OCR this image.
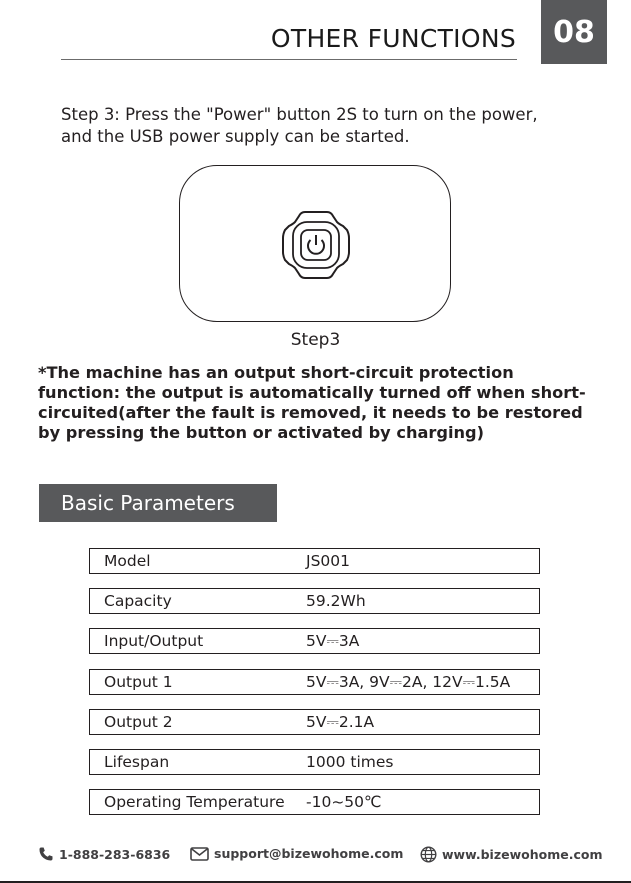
OTHER FUNCTIONS	08
Step 3: Press the "Power" button 2S to turn on the power, and the USB power supply can be started.
Step3
*The machine has an output short-circuit protection function: the output is automatically turned off when short-circuited(after the fault is removed, it needs to be restored by pressing the button or activated by charging)
Basic Parameters
Model	JS001
Capacity	59.2Wh
Input/Output	5V⎓3A
Output 1	5V⎓3A, 9V⎓2A, 12V⎓1.5A
Output 2	5V⎓2.1A
Lifespan	1000 times
Operating Temperature -10~50℃
1-888-283-6836	support@bizewohome.com	www.bizewohome.com
